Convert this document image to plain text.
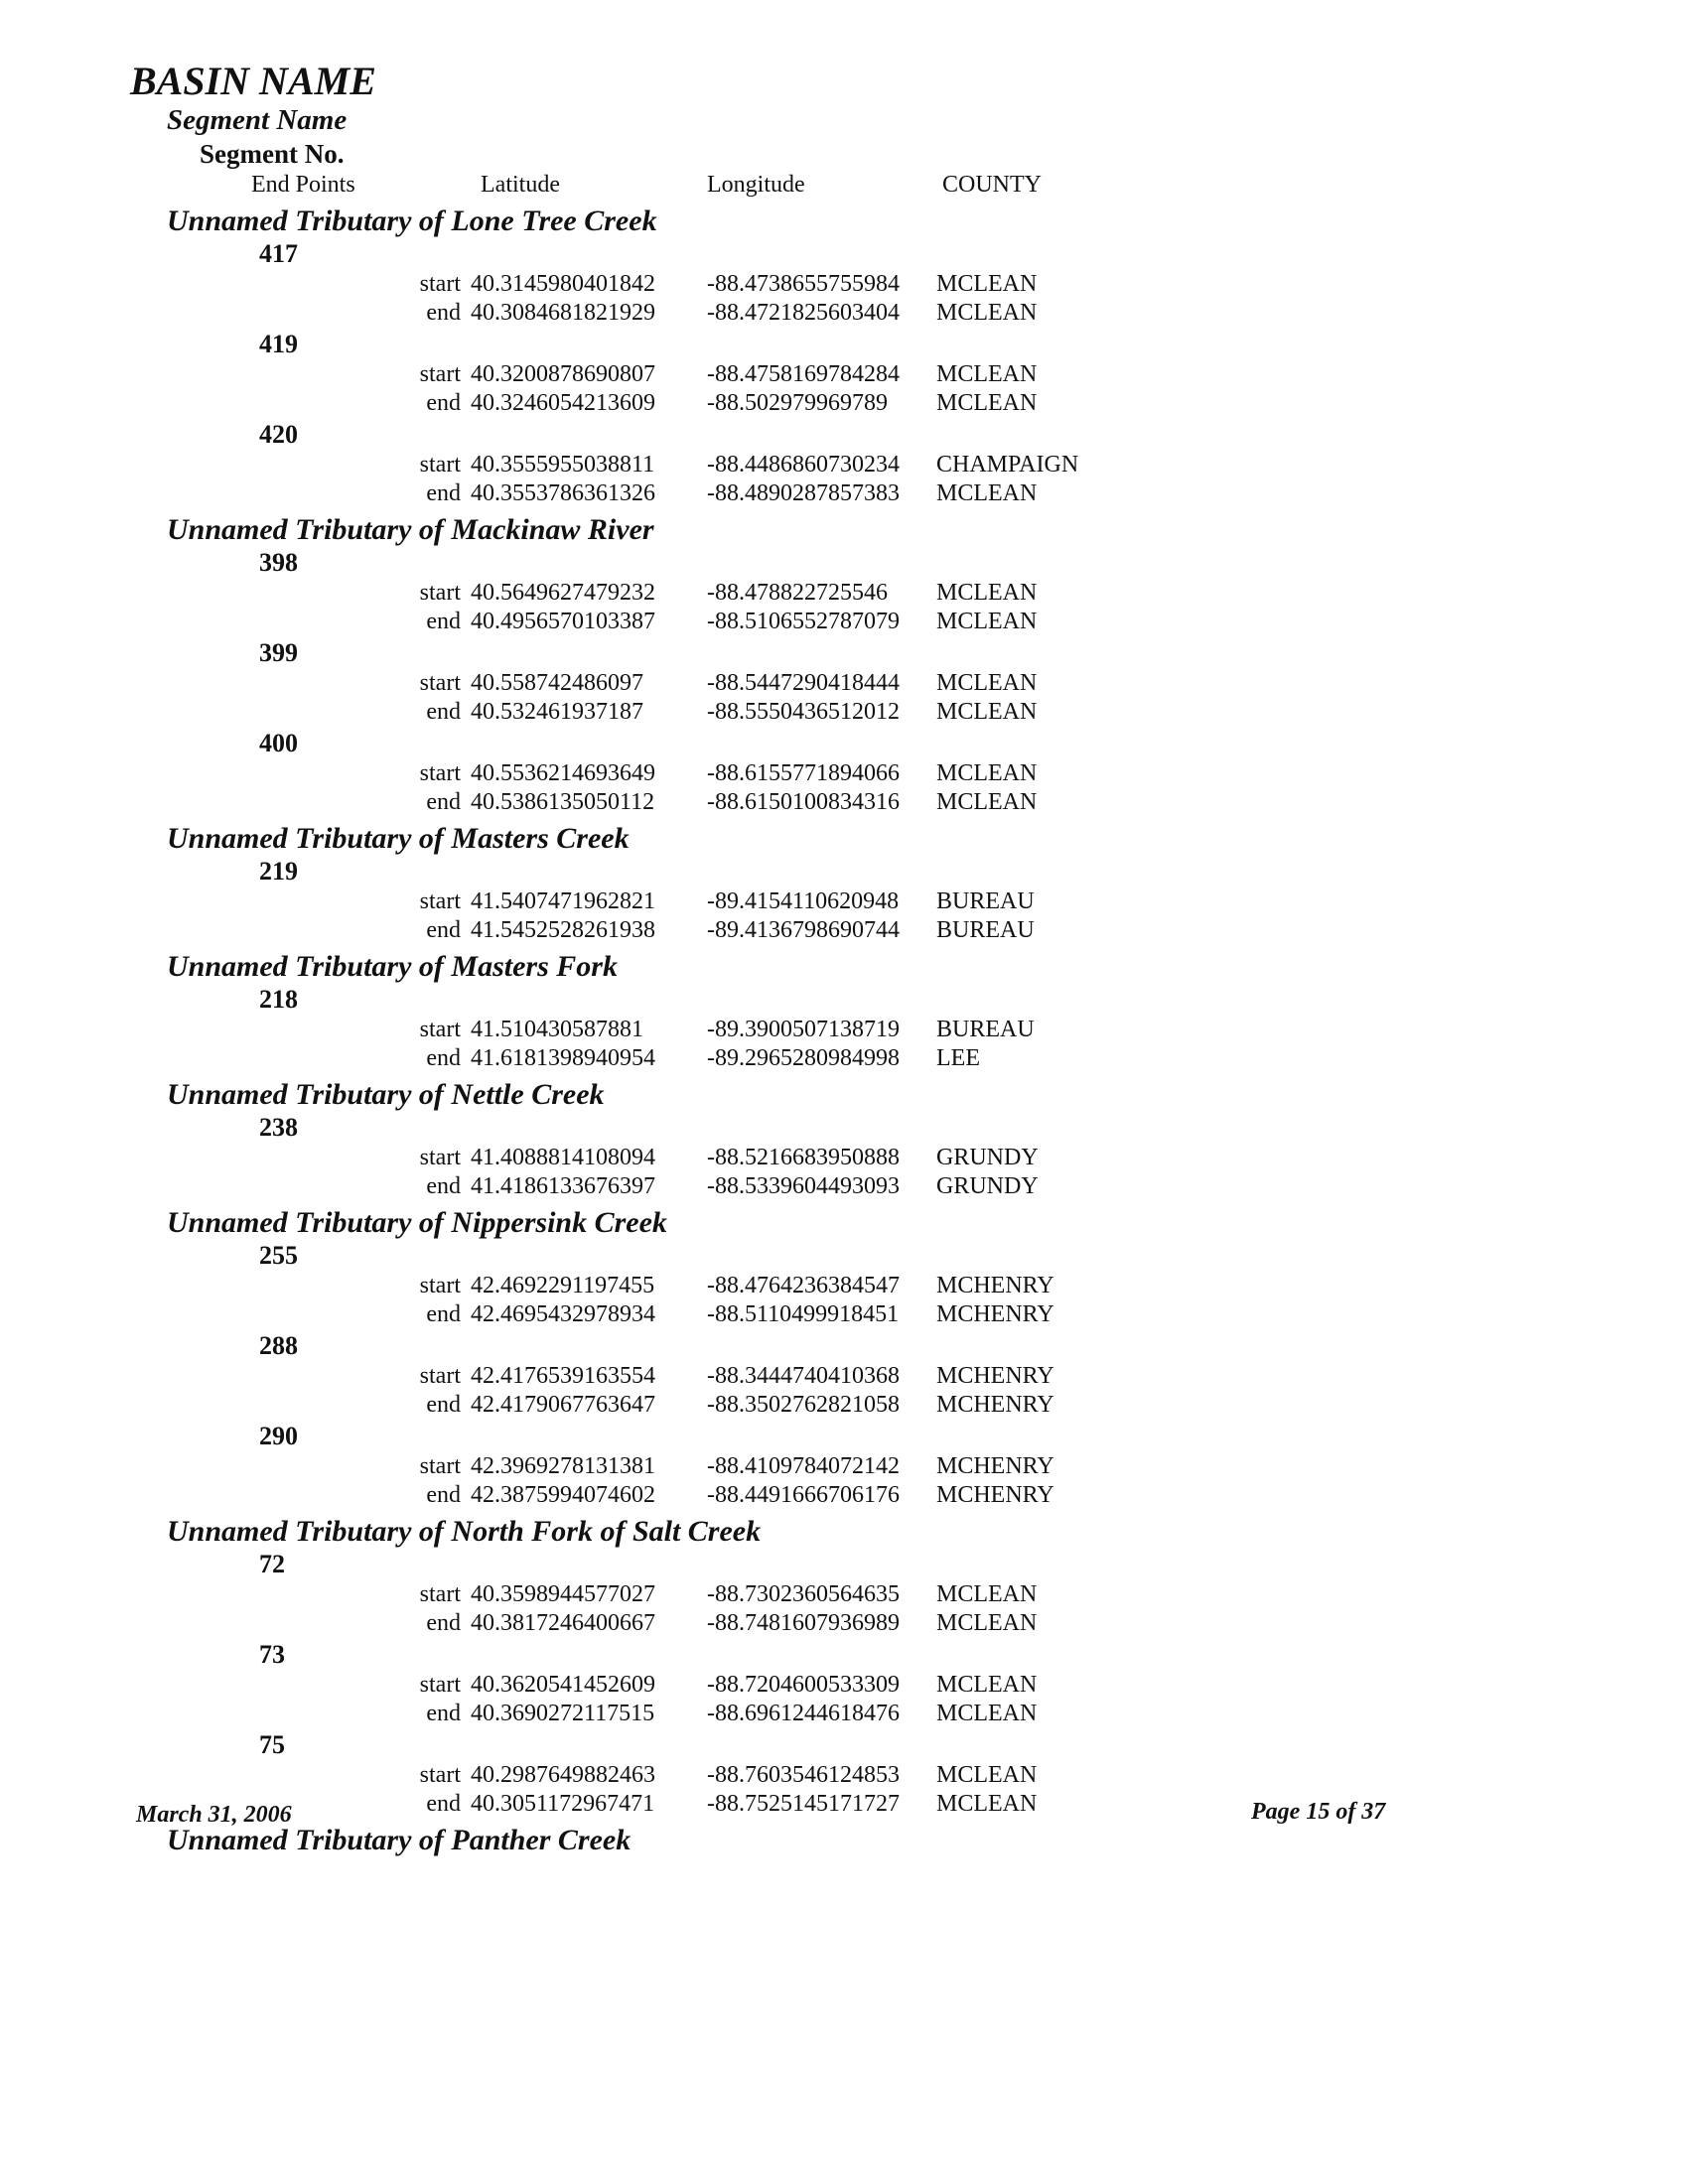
BASIN NAME
Segment Name
Segment No.
End Points	Latitude	Longitude	COUNTY
Unnamed Tributary of Lone Tree Creek
417
start 40.3145980401842 -88.4738655755984 MCLEAN
end 40.3084681821929 -88.4721825603404 MCLEAN
419
start 40.3200878690807 -88.4758169784284 MCLEAN
end 40.3246054213609 -88.502979969789 MCLEAN
420
start 40.3555955038811 -88.4486860730234 CHAMPAIGN
end 40.3553786361326 -88.4890287857383 MCLEAN
Unnamed Tributary of Mackinaw River
398
start 40.5649627479232 -88.478822725546 MCLEAN
end 40.4956570103387 -88.5106552787079 MCLEAN
399
start 40.558742486097	-88.5447290418444 MCLEAN
end 40.532461937187	-88.5550436512012 MCLEAN
400
start 40.5536214693649 -88.6155771894066 MCLEAN
end 40.5386135050112 -88.6150100834316 MCLEAN
Unnamed Tributary of Masters Creek
219
start 41.5407471962821 -89.4154110620948 BUREAU
end 41.5452528261938 -89.4136798690744 BUREAU
Unnamed Tributary of Masters Fork
218
start 41.510430587881	-89.3900507138719 BUREAU
end 41.6181398940954 -89.2965280984998 LEE
Unnamed Tributary of Nettle Creek
238
start 41.4088814108094 -88.5216683950888 GRUNDY
end 41.4186133676397 -88.5339604493093 GRUNDY
Unnamed Tributary of Nippersink Creek
255
start 42.4692291197455 -88.4764236384547 MCHENRY
end 42.4695432978934 -88.5110499918451 MCHENRY
288
start 42.4176539163554 -88.3444740410368 MCHENRY
end 42.4179067763647 -88.3502762821058 MCHENRY
290
start 42.3969278131381 -88.4109784072142 MCHENRY
end 42.3875994074602 -88.4491666706176 MCHENRY
Unnamed Tributary of North Fork of Salt Creek
72
start 40.3598944577027 -88.7302360564635 MCLEAN
end 40.3817246400667 -88.7481607936989 MCLEAN
73
start 40.3620541452609 -88.7204600533309 MCLEAN
end 40.3690272117515 -88.6961244618476 MCLEAN
75
start 40.2987649882463 -88.7603546124853 MCLEAN
end 40.3051172967471 -88.7525145171727 MCLEAN
Unnamed Tributary of Panther Creek
March 31, 2006	Page 15 of 37
